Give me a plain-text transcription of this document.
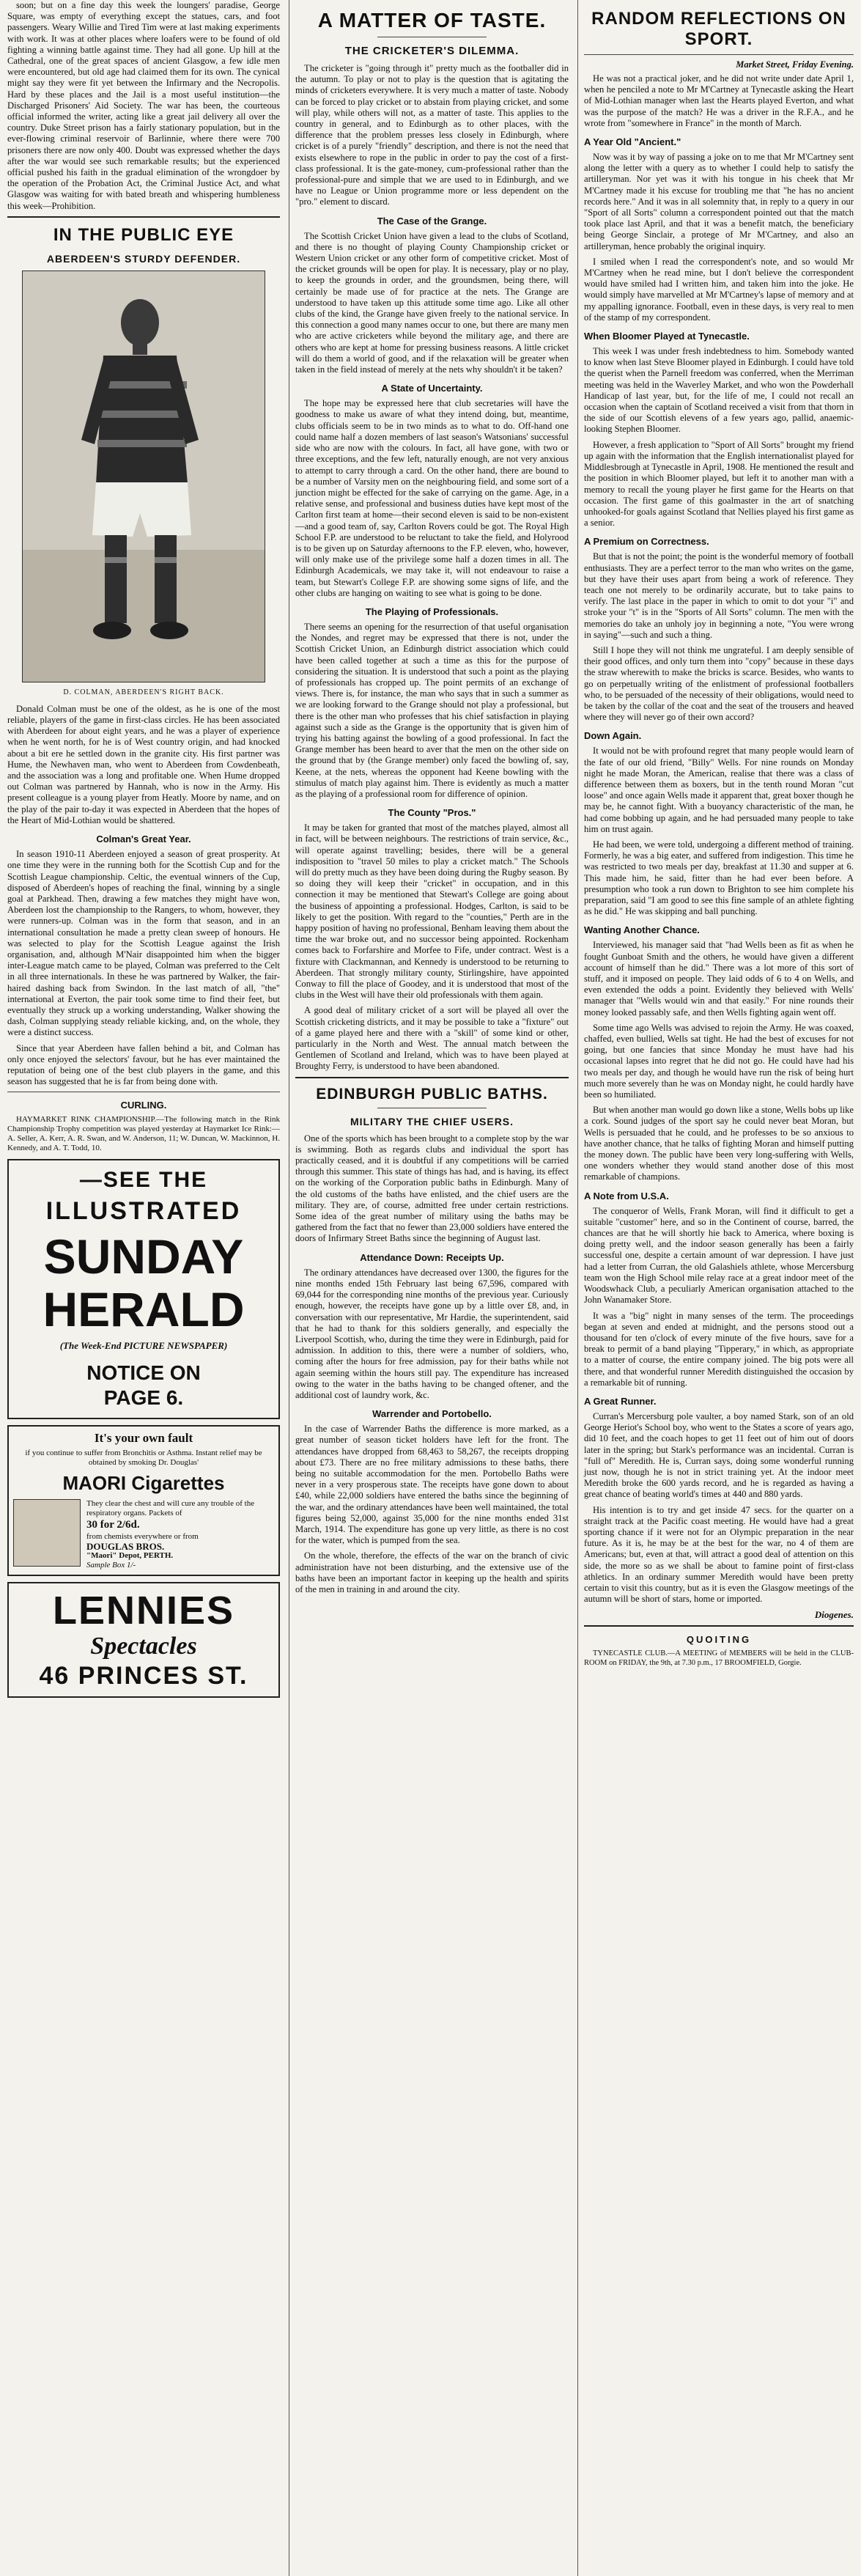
soon; but on a fine day this week the loungers' paradise, George Square, was empty of everything except the statues, cars, and foot passengers. Weary Willie and Tired Tim were at last making experiments with work. It was at other places where loafers were to be found of old fighting a winning battle against time. They had all gone. Up hill at the Cathedral, one of the great spaces of ancient Glasgow, a few idle men were encountered, but old age had claimed them for its own. The cynical might say they were fit yet between the Infirmary and the Necropolis. Hard by these places and the Jail is a most useful institution—the Discharged Prisoners' Aid Society. The war has been, the courteous official informed the writer, acting like a great jail delivery all over the country. Duke Street prison has a fairly stationary population, but in the ever-flowing criminal reservoir of Barlinnie, where there were 700 prisoners there are now only 400. Doubt was expressed whether the days after the war would see such remarkable results; but the experienced official pushed his faith in the gradual elimination of the wrongdoer by the operation of the Probation Act, the Criminal Justice Act, and what Glasgow was waiting for with bated breath and whispering humbleness this week—Prohibition.

IN THE PUBLIC EYE
ABERDEEN'S STURDY DEFENDER.
D. COLMAN, ABERDEEN'S RIGHT BACK.

Donald Colman must be one of the oldest, as he is one of the most reliable, players of the game in first-class circles. He has been associated with Aberdeen for about eight years, and he was a player of experience when he went north, for he is of West country origin, and had knocked about a bit ere he settled down in the granite city. His first partner was Hume, the Newhaven man, who went to Aberdeen from Cowdenbeath, and the association was a long and profitable one. When Hume dropped out Colman was partnered by Hannah, who is now in the Army. His present colleague is a young player from Heatly. Moore by name, and on the play of the pair to-day it was expected in Aberdeen that the hopes of the Heart of Mid-Lothian would be shattered.

Colman's Great Year.

In season 1910-11 Aberdeen enjoyed a season of great prosperity. At one time they were in the running both for the Scottish Cup and for the Scottish League championship. Celtic, the eventual winners of the Cup, disposed of Aberdeen's hopes of reaching the final, winning by a single goal at Parkhead. Then, drawing a few matches they might have won, Aberdeen lost the championship to the Rangers, to whom, however, they were runners-up. Colman was in the form that season, and in an international consultation he made a pretty clean sweep of honours. He was selected to play for the Scottish League against the Irish organisation, and, although M'Nair disappointed him when the bigger inter-League match came to be played, Colman was preferred to the Celt in all three internationals. In these he was partnered by Walker, the fair-haired dashing back from Swindon. In the last match of all, "the" international at Everton, the pair took some time to find their feet, but eventually they struck up a working understanding, Walker showing the dash, Colman supplying steady reliable kicking, and, on the whole, they were a distinct success.

Since that year Aberdeen have fallen behind a bit, and Colman has only once enjoyed the selectors' favour, but he has ever maintained the reputation of being one of the best club players in the game, and this season has suggested that he is far from being done with.

CURLING.

HAYMARKET RINK CHAMPIONSHIP.—The following match in the Rink Championship Trophy competition was played yesterday at Haymarket Ice Rink:—A. Seller, A. Kerr, A. R. Swan, and W. Anderson, 11; W. Duncan, W. Mackinnon, H. Kennedy, and A. T. Todd, 10.

—SEE THE
ILLUSTRATED
SUNDAY
HERALD
(The Week-End PICTURE NEWSPAPER)
NOTICE ON
PAGE 6.
It's your own fault
if you continue to suffer from Bronchitis or Asthma. Instant relief may be obtained by smoking Dr. Douglas'
MAORI Cigarettes
They clear the chest and will cure any trouble of the respiratory organs. Packets of
30 for 2/6d.
from chemists everywhere or from
DOUGLAS BROS.
"Maori" Depot, PERTH.
Sample Box 1/-
LENNIES
Spectacles
46 PRINCES ST.
A MATTER OF TASTE.
THE CRICKETER'S DILEMMA.

The cricketer is "going through it" pretty much as the footballer did in the autumn. To play or not to play is the question that is agitating the minds of cricketers everywhere. It is very much a matter of taste. Nobody can be forced to play cricket or to abstain from playing cricket, and some will play, while others will not, as a matter of taste. This applies to the country in general, and to Edinburgh as to other places, with the difference that the problem presses less closely in Edinburgh, where cricket is of a purely "friendly" description, and there is not the need that exists elsewhere to rope in the public in order to pay the cost of a first-class professional. It is the gate-money, cum-professional rather than the professional-pure and simple that we are used to in Edinburgh, and we have no League or Union programme more or less dependent on the "pro." element to discard.

The Case of the Grange.

The Scottish Cricket Union have given a lead to the clubs of Scotland, and there is no thought of playing County Championship cricket or Western Union cricket or any other form of competitive cricket. Most of the cricket grounds will be open for play. It is necessary, play or no play, to keep the grounds in order, and the groundsmen, being there, will certainly be made use of for practice at the nets. The Grange are understood to have taken up this attitude some time ago. Like all other clubs of the kind, the Grange have given freely to the national service. In this connection a good many names occur to one, but there are many men who are active cricketers while beyond the military age, and there are others who are kept at home for pressing business reasons. A little cricket will do them a world of good, and if the relaxation will be greater when taken in the field instead of merely at the nets why shouldn't it be taken?

A State of Uncertainty.

The hope may be expressed here that club secretaries will have the goodness to make us aware of what they intend doing, but, meantime, clubs officials seem to be in two minds as to what to do. Off-hand one could name half a dozen members of last season's Watsonians' successful side who are now with the colours. In fact, all have gone, with two or three exceptions, and the few left, naturally enough, are not very anxious to attempt to carry through a card. On the other hand, there are bound to be a number of Varsity men on the neighbouring field, and some sort of a junction might be effected for the sake of carrying on the game. Age, in a relative sense, and professional and business duties have kept most of the Carlton first team at home—their second eleven is said to be non-existent—and a good team of, say, Carlton Rovers could be got. The Royal High School F.P. are understood to be reluctant to take the field, and Holyrood is to be given up on Saturday afternoons to the F.P. eleven, who, however, will only make use of the privilege some half a dozen times in all. The Edinburgh Academicals, we may take it, will not endeavour to raise a team, but Stewart's College F.P. are showing some signs of life, and the other clubs are hanging on waiting to see what is going to be done.

The Playing of Professionals.

There seems an opening for the resurrection of that useful organisation the Nondes, and regret may be expressed that there is not, under the Scottish Cricket Union, an Edinburgh district association which could have been called together at such a time as this for the purpose of considering the situation. It is understood that such a point as the playing of professionals has cropped up. The point permits of an exchange of views. There is, for instance, the man who says that in such a summer as we are looking forward to the Grange should not play a professional, but there is the other man who professes that his chief satisfaction in playing against such a side as the Grange is the opportunity that is given him of trying his batting against the bowling of a good professional. In fact the Grange member has been heard to aver that the men on the other side on the ground that by (the Grange member) only faced the bowling of, say, Keene, at the nets, whereas the opponent had Keene bowling with the stimulus of match play against him. There is evidently as much a matter as the playing of a professional room for difference of opinion.

The County "Pros."

It may be taken for granted that most of the matches played, almost all in fact, will be between neighbours. The restrictions of train service, &c., will operate against travelling; besides, there will be a general indisposition to "travel 50 miles to play a cricket match." The Schools will do pretty much as they have been doing during the Rugby season. By so doing they will keep their "cricket" in occupation, and in this connection it may be mentioned that Stewart's College are going about the business of appointing a professional. Hodges, Carlton, is said to be likely to get the position. With regard to the "counties," Perth are in the happy position of having no professional, Benham leaving them about the time the war broke out, and no successor being appointed. Rockenham comes back to Forfarshire and Morfee to Fife, under contract. West is a fixture with Clackmannan, and Kennedy is understood to be returning to Aberdeen. That strongly military county, Stirlingshire, have appointed Conway to fill the place of Goodey, and it is understood that most of the clubs in the West will have their old professionals with them again.

A good deal of military cricket of a sort will be played all over the Scottish cricketing districts, and it may be possible to take a "fixture" out of a game played here and there with a "skill" of some kind or other, particularly in the North and West. The annual match between the Gentlemen of Scotland and Ireland, which was to have been played at Broughty Ferry, is understood to have been abandoned.

EDINBURGH PUBLIC BATHS.
MILITARY THE CHIEF USERS.

One of the sports which has been brought to a complete stop by the war is swimming. Both as regards clubs and individual the sport has practically ceased, and it is doubtful if any competitions will be carried through this summer. This state of things has had, and is having, its effect on the working of the Corporation public baths in Edinburgh. Many of the old customs of the baths have enlisted, and the chief users are the military. They are, of course, admitted free under certain restrictions. Some idea of the great number of military using the baths may be gathered from the fact that no fewer than 23,000 soldiers have entered the doors of Infirmary Street Baths since the beginning of August last.

Attendance Down: Receipts Up.

The ordinary attendances have decreased over 1300, the figures for the nine months ended 15th February last being 67,596, compared with 69,044 for the corresponding nine months of the previous year. Curiously enough, however, the receipts have gone up by a little over £8, and, in conversation with our representative, Mr Hardie, the superintendent, said that he had to thank for this soldiers generally, and especially the Liverpool Scottish, who, during the time they were in Edinburgh, paid for admission. In addition to this, there were a number of soldiers, who, coming after the hours for free admission, pay for their baths while not again seeming within the hours still pay. The expenditure has increased owing to the water in the baths having to be changed oftener, and the additional cost of laundry work, &c.

Warrender and Portobello.

In the case of Warrender Baths the difference is more marked, as a great number of season ticket holders have left for the front. The attendances have dropped from 68,463 to 58,267, the receipts dropping about £73. There are no free military admissions to these baths, there being no suitable accommodation for the men. Portobello Baths were never in a very prosperous state. The receipts have gone down to about £40, while 22,000 soldiers have entered the baths since the beginning of the war, and the ordinary attendances have been well maintained, the total figures being 52,000, against 35,000 for the nine months ended 31st March, 1914. The expenditure has gone up very little, as there is no cost for the water, which is pumped from the sea.

On the whole, therefore, the effects of the war on the branch of civic administration have not been disturbing, and the extensive use of the baths have been an important factor in keeping up the health and spirits of the men in training in and around the city.

RANDOM REFLECTIONS ON SPORT.
Market Street, Friday Evening.

He was not a practical joker, and he did not write under date April 1, when he penciled a note to Mr M'Cartney at Tynecastle asking the Heart of Mid-Lothian manager when last the Hearts played Everton, and what was the purpose of the match? He was a driver in the R.F.A., and he wrote from "somewhere in France" in the month of March.

A Year Old "Ancient."

Now was it by way of passing a joke on to me that Mr M'Cartney sent along the letter with a query as to whether I could help to satisfy the artilleryman. Nor yet was it with his tongue in his cheek that Mr M'Cartney made it his excuse for troubling me that "he has no ancient records here." And it was in all solemnity that, in reply to a query in our "Sport of all Sorts" column a correspondent pointed out that the match took place last April, and that it was a benefit match, the beneficiary being George Sinclair, a protege of Mr M'Cartney, and also an artilleryman, hence probably the original inquiry.

I smiled when I read the correspondent's note, and so would Mr M'Cartney when he read mine, but I don't believe the correspondent would have smiled had I written him, and taken him into the joke. He would simply have marvelled at Mr M'Cartney's lapse of memory and at my appalling ignorance. Football, even in these days, is very real to men of the stamp of my correspondent.

When Bloomer Played at Tynecastle.

This week I was under fresh indebtedness to him. Somebody wanted to know when last Steve Bloomer played in Edinburgh. I could have told the querist when the Parnell freedom was conferred, when the Merriman meeting was held in the Waverley Market, and who won the Powderhall Handicap of last year, but, for the life of me, I could not recall an occasion when the captain of Scotland received a visit from that thorn in the side of our Scottish elevens of a few years ago, pallid, anaemic-looking Stephen Bloomer.

However, a fresh application to "Sport of All Sorts" brought my friend up again with the information that the English internationalist played for Middlesbrough at Tynecastle in April, 1908. He mentioned the result and the position in which Bloomer played, but left it to another man with a memory to recall the young player he first game for the Hearts on that occasion. The first game of this goalmaster in the art of snatching unhooked-for goals against Scotland that Nellies played his first game as a senior.

A Premium on Correctness.

But that is not the point; the point is the wonderful memory of football enthusiasts. They are a perfect terror to the man who writes on the game, but they have their uses apart from being a work of reference. They teach one not merely to be ordinarily accurate, but to take pains to verify. The last place in the paper in which to omit to dot your "i" and stroke your "t" is in the "Sports of All Sorts" column. The men with the memories do take an unholy joy in beginning a note, "You were wrong in saying"—such and such a thing.

Still I hope they will not think me ungrateful. I am deeply sensible of their good offices, and only turn them into "copy" because in these days the straw wherewith to make the bricks is scarce. Besides, who wants to go on perpetually writing of the enlistment of professional footballers who, to be persuaded of the necessity of their obligations, would need to be taken by the collar of the coat and the seat of the trousers and heaved where they will never go of their own accord?

Down Again.

It would not be with profound regret that many people would learn of the fate of our old friend, "Billy" Wells. For nine rounds on Monday night he made Moran, the American, realise that there was a class of difference between them as boxers, but in the tenth round Moran "cut loose" and once again Wells made it apparent that, great boxer though he may be, he cannot fight. With a buoyancy characteristic of the man, he had come bobbing up again, and he had persuaded many people to take him on trust again.

He had been, we were told, undergoing a different method of training. Formerly, he was a big eater, and suffered from indigestion. This time he was restricted to two meals per day, breakfast at 11.30 and supper at 6. This made him, he said, fitter than he had ever been before. A presumption who took a run down to Brighton to see him complete his preparation, said "I am good to see this fine sample of an athlete fighting as he did." He was skipping and ball punching.

Wanting Another Chance.

Interviewed, his manager said that "had Wells been as fit as when he fought Gunboat Smith and the others, he would have given a different account of himself than he did." There was a lot more of this sort of stuff, and it imposed on people. They laid odds of 6 to 4 on Wells, and even extended the odds a point. Evidently they believed with Wells' manager that "Wells would win and that easily." For nine rounds their money looked passably safe, and then Wells fighting again went off.

Some time ago Wells was advised to rejoin the Army. He was coaxed, chaffed, even bullied, Wells sat tight. He had the best of excuses for not going, but one fancies that since Monday he must have had his occasional lapses into regret that he did not go. He could have had his two meals per day, and though he would have run the risk of being hurt much more severely than he was on Monday night, he could hardly have been so humiliated.

But when another man would go down like a stone, Wells bobs up like a cork. Sound judges of the sport say he could never beat Moran, but Wells is persuaded that he could, and he professes to be so anxious to have another chance, that he talks of fighting Moran and himself putting the money down. The public have been very long-suffering with Wells, one wonders whether they would stand another dose of this most remarkable of champions.

A Note from U.S.A.

The conqueror of Wells, Frank Moran, will find it difficult to get a suitable "customer" here, and so in the Continent of course, barred, the chances are that he will shortly hie back to America, where boxing is doing pretty well, and the indoor season generally has been a fairly successful one, despite a certain amount of war depression. I have just had a letter from Curran, the old Galashiels athlete, whose Mercersburg team won the High School mile relay race at a great indoor meet of the Woodswhack Club, a peculiarly American organisation attached to the John Wanamaker Store.

It was a "big" night in many senses of the term. The proceedings began at seven and ended at midnight, and the persons stood out a thousand for ten o'clock of every minute of the five hours, save for a break to permit of a band playing "Tipperary," in which, as appropriate to a matter of course, the entire company joined. The big pots were all there, and that wonderful runner Meredith distinguished the occasion by a remarkable bit of running.

A Great Runner.

Curran's Mercersburg pole vaulter, a boy named Stark, son of an old George Heriot's School boy, who went to the States a score of years ago, did 10 feet, and the coach hopes to get 11 feet out of him out of doors later in the spring; but Stark's performance was an incidental. Curran is "full of" Meredith. He is, Curran says, doing some wonderful running just now, though he is not in strict training yet. At the indoor meet Meredith broke the 600 yards record, and he is regarded as having a great chance of beating world's times at 440 and 880 yards.

His intention is to try and get inside 47 secs. for the quarter on a straight track at the Pacific coast meeting. He would have had a great sporting chance if it were not for an Olympic preparation in the near future. As it is, he may be at the best for the war, no 4 of them are Americans; but, even at that, will attract a good deal of attention on this side, the more so as we shall be about to famine point of first-class athletics. In an ordinary summer Meredith would have been pretty certain to visit this country, but as it is even the Glasgow meetings of the autumn will be short of stars, home or imported.

Diogenes.
QUOITING

TYNECASTLE CLUB.—A MEETING of MEMBERS will be held in the CLUB-ROOM on FRIDAY, the 9th, at 7.30 p.m., 17 BROOMFIELD, Gorgie.
